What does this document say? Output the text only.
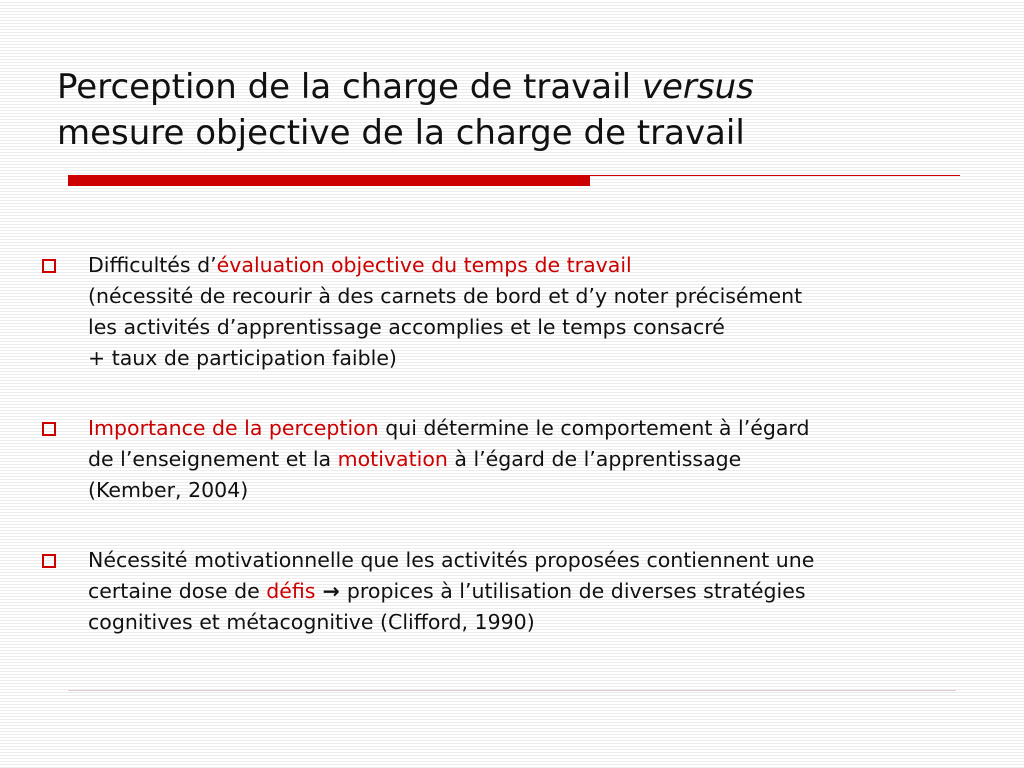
Perception de la charge de travail versus
mesure objective de la charge de travail
Difficultés d’évaluation objective du temps de travail
(nécessité de recourir à des carnets de bord et d’y noter précisément
les activités d’apprentissage accomplies et le temps consacré
+ taux de participation faible)
Importance de la perception qui détermine le comportement à l’égard
de l’enseignement et la motivation à l’égard de l’apprentissage
(Kember, 2004)
Nécessité motivationnelle que les activités proposées contiennent une
certaine dose de défis → propices à l’utilisation de diverses stratégies
cognitives et métacognitive (Clifford, 1990)
